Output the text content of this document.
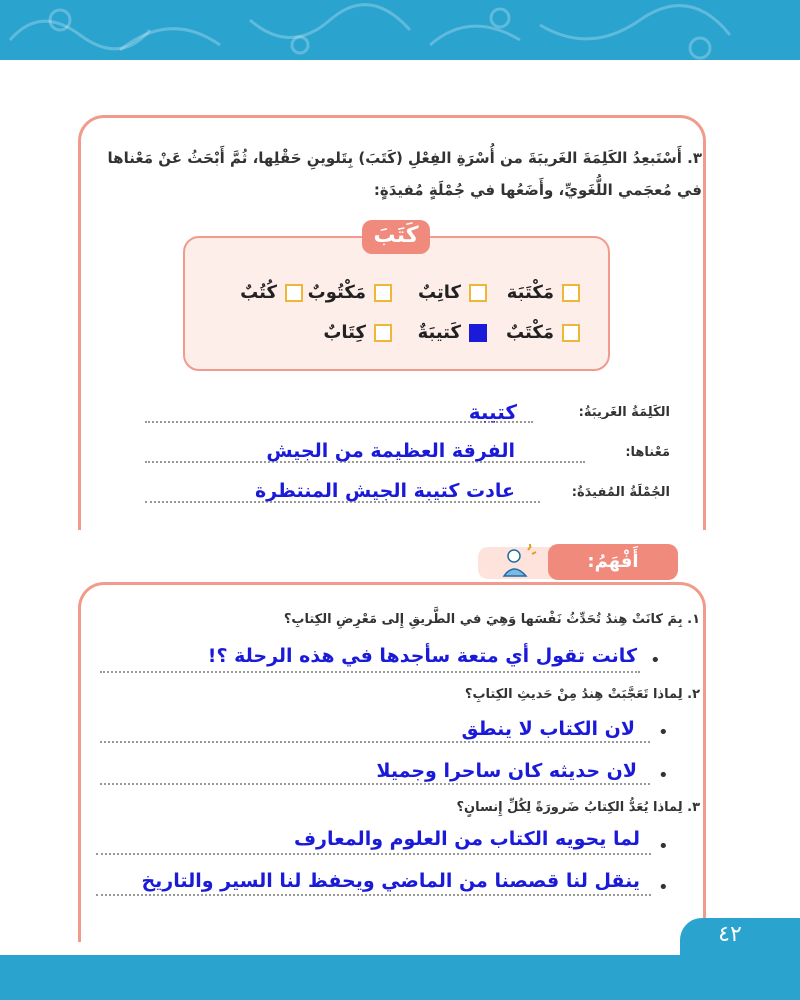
٣. أَسْتَبعِدُ الكَلِمَةَ الغَريبَةَ من أُسْرَةِ الفِعْلِ (كَتَبَ) بِتَلوينِ حَقْلِها، ثُمَّ أَبْحَثُ عَنْ مَعْناها في مُعجَمي اللُّغَويِّ، وأَضَعُها في جُمْلَةٍ مُفيدَةٍ:
كَتَبَ
مَكْتَبَة
كاتِبٌ
مَكْتُوبٌ
كُتُبٌ
مَكْتَبٌ
كَتيبَةٌ
كِتَابٌ
الكَلِمَةُ الغَريبَةُ:
كتيبة
مَعْناها:
الفرقة العظيمة من الجيش
الجُمْلَةُ المُفيدَةُ:
عادت كتيبة الجيش المنتظرة
أَفْهَمُ:
١. بِمَ كانَتْ هِندُ تُحَدِّثُ نَفْسَها وَهِيَ في الطَّريقِ إِلى مَعْرِضِ الكِتابِ؟
•
كانت تقول أي متعة سأجدها في هذه الرحلة ؟!
٢. لِماذا تَعَجَّبَتْ هِندُ مِنْ حَديثِ الكِتابِ؟
•
لان الكتاب لا ينطق
•
لان حديثه كان ساحرا وجميلا
٣. لِماذا يُعَدُّ الكِتابُ ضَرورَةً لِكُلِّ إِنسانٍ؟
•
لما يحويه الكتاب من العلوم والمعارف
•
ينقل لنا قصصنا من الماضي ويحفظ لنا السير والتاريخ
٤٢
